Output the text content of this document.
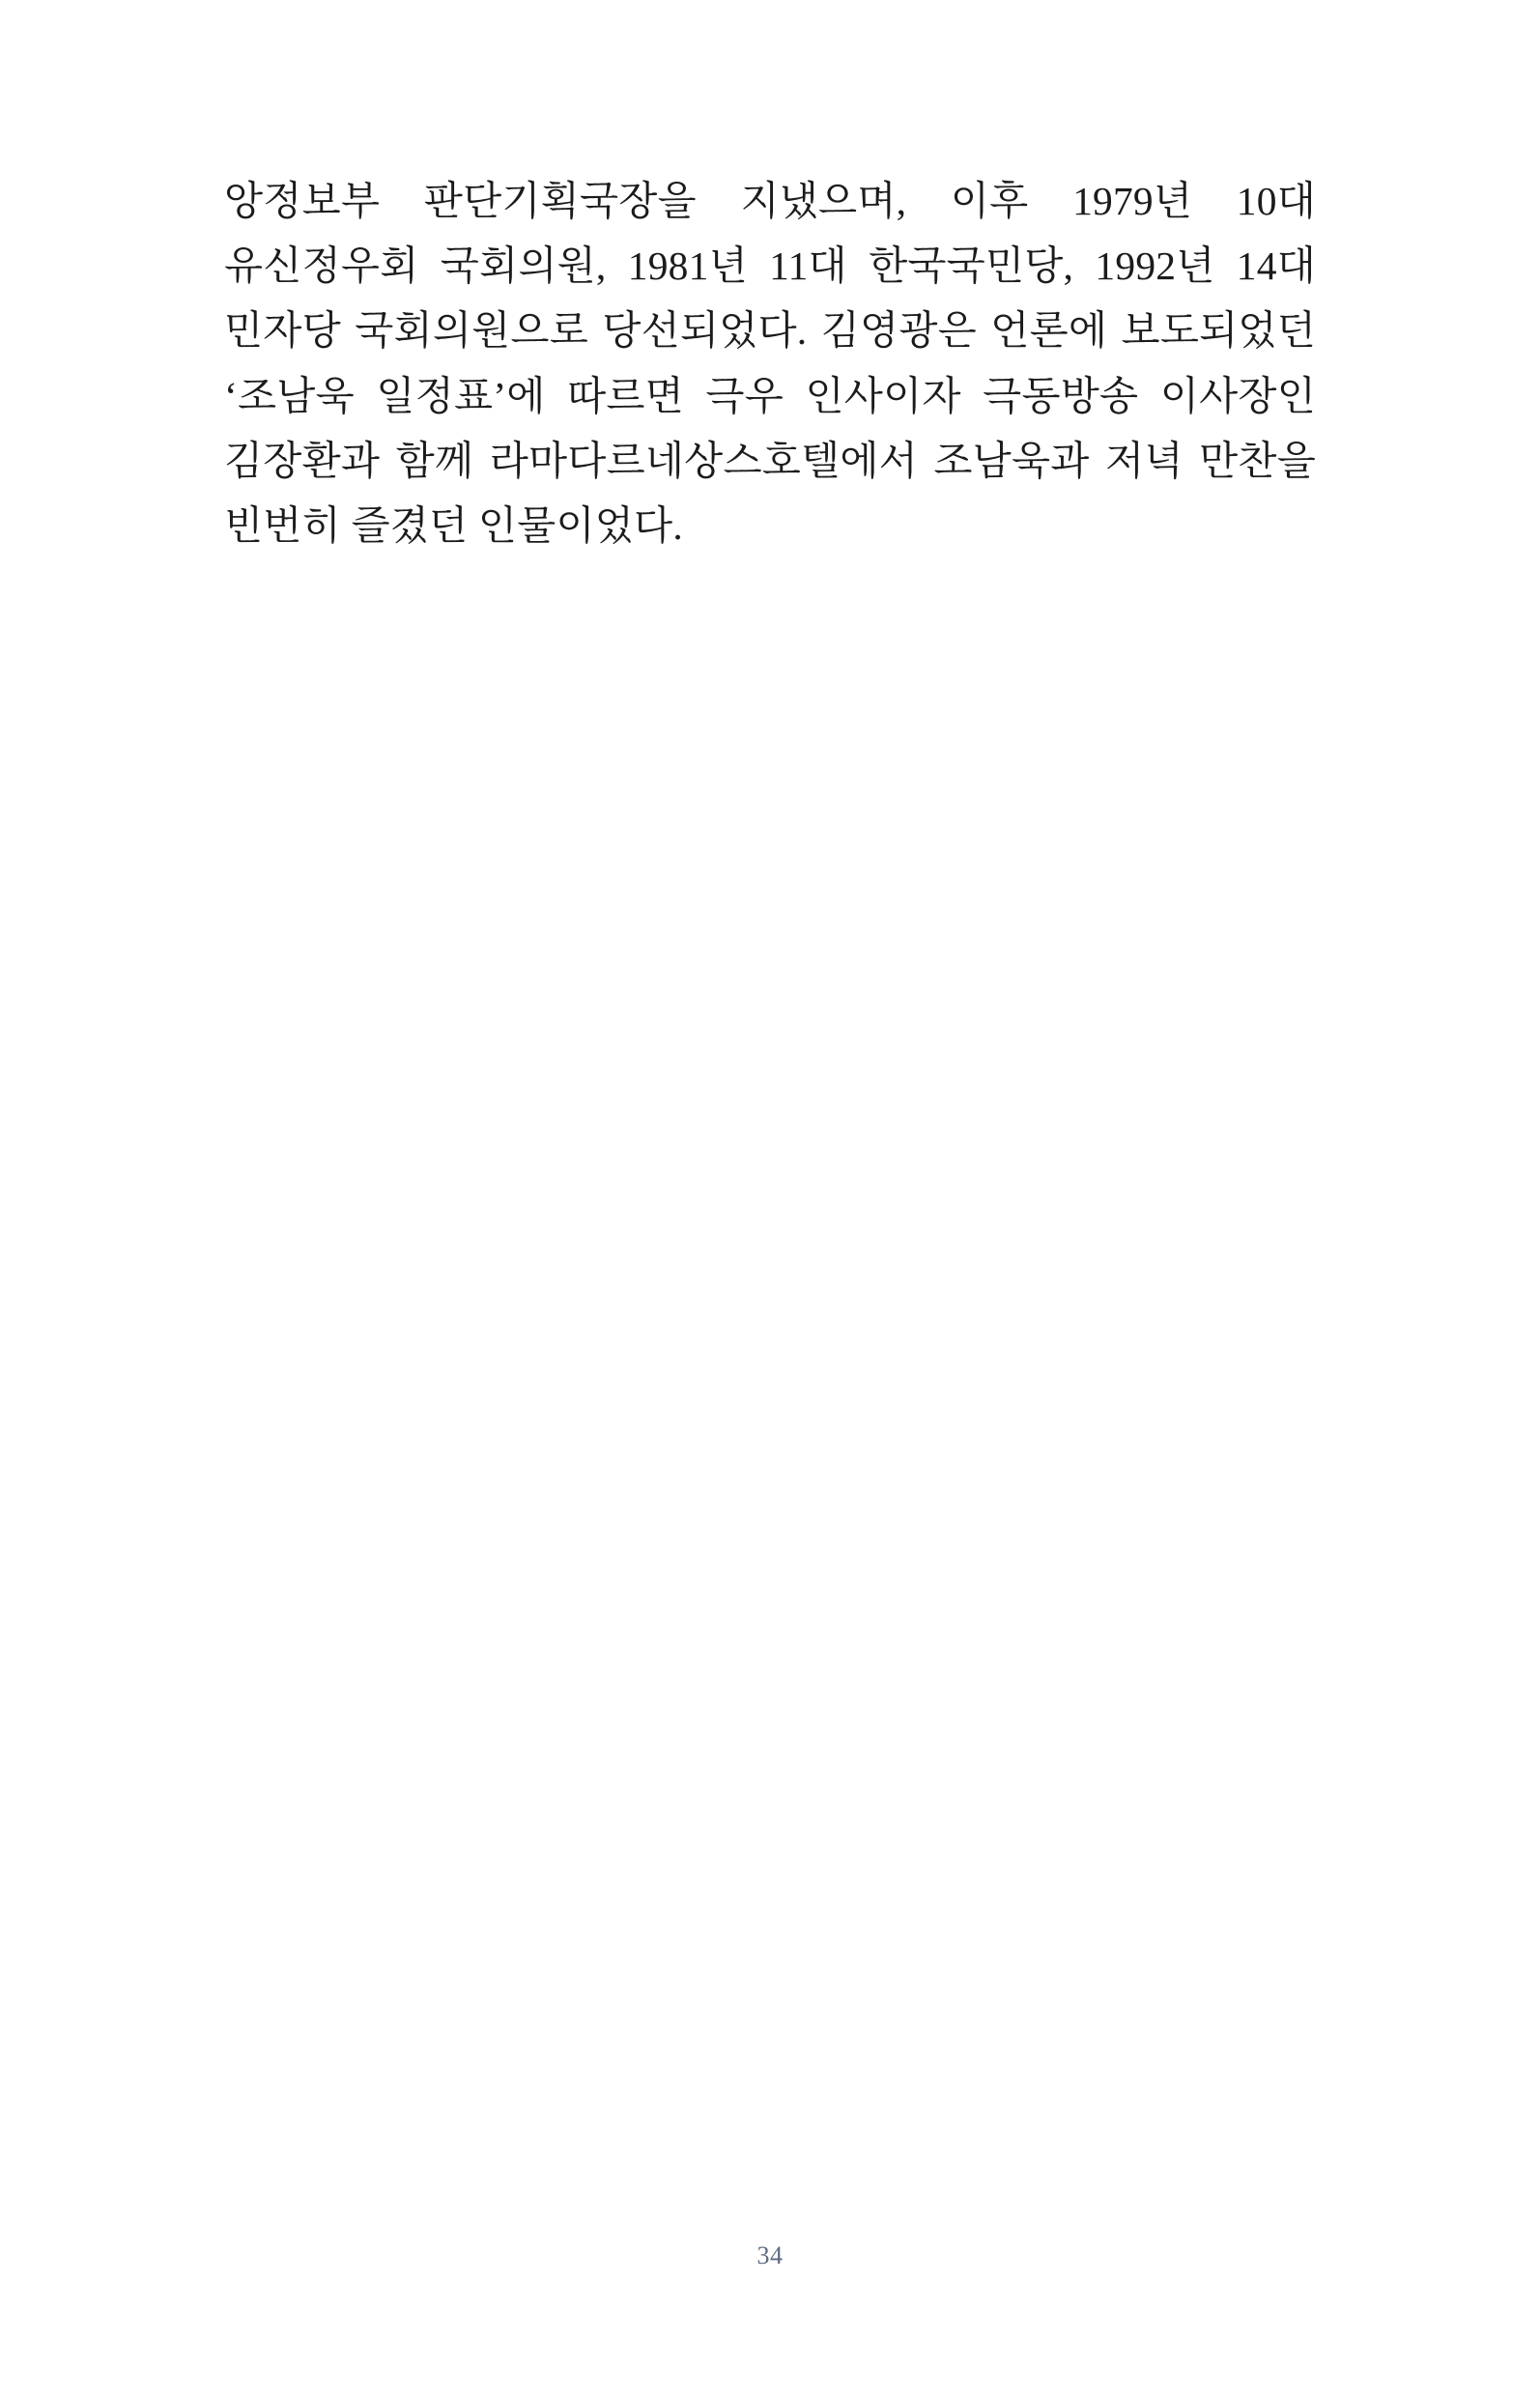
앙정보부 판단기획국장을 지냈으며, 이후 1979년 10대 유신정우회 국회의원, 1981년 11대 한국국민당, 1992년 14대 민자당 국회의원으로 당선되었다. 김영광은 언론에 보도되었던 ‘조남욱 일정표’에 따르면 극우 인사이자 극동방송 이사장인 김장환과 함께 라마다르네상스호텔에서 조남욱과 저녁 만찬을 빈번히 즐겼던 인물이었다.

34
